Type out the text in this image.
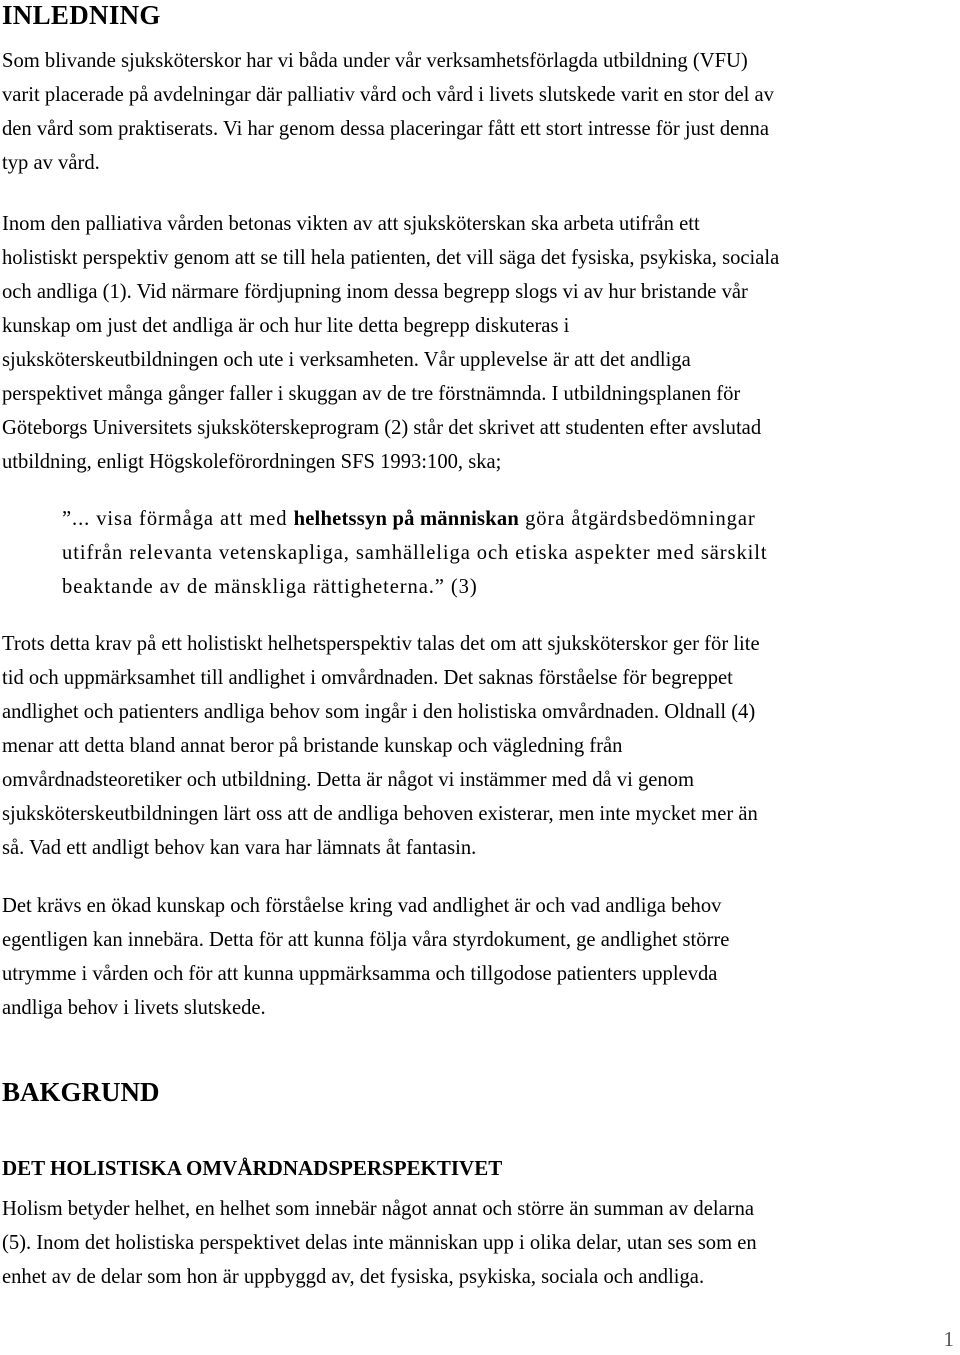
INLEDNING

Som blivande sjuksköterskor har vi båda under vår verksamhetsförlagda utbildning (VFU)
varit placerade på avdelningar där palliativ vård och vård i livets slutskede varit en stor del av
den vård som praktiserats. Vi har genom dessa placeringar fått ett stort intresse för just denna
typ av vård.

Inom den palliativa vården betonas vikten av att sjuksköterskan ska arbeta utifrån ett
holistiskt perspektiv genom att se till hela patienten, det vill säga det fysiska, psykiska, sociala
och andliga (1). Vid närmare fördjupning inom dessa begrepp slogs vi av hur bristande vår
kunskap om just det andliga är och hur lite detta begrepp diskuteras i
sjuksköterskeutbildningen och ute i verksamheten. Vår upplevelse är att det andliga
perspektivet många gånger faller i skuggan av de tre förstnämnda. I utbildningsplanen för
Göteborgs Universitets sjuksköterskeprogram (2) står det skrivet att studenten efter avslutad
utbildning, enligt Högskoleförordningen SFS 1993:100, ska;

”... visa förmåga att med helhetssyn på människan göra åtgärdsbedömningar
utifrån relevanta vetenskapliga, samhälleliga och etiska aspekter med särskilt
beaktande av de mänskliga rättigheterna.” (3)

Trots detta krav på ett holistiskt helhetsperspektiv talas det om att sjuksköterskor ger för lite
tid och uppmärksamhet till andlighet i omvårdnaden. Det saknas förståelse för begreppet
andlighet och patienters andliga behov som ingår i den holistiska omvårdnaden. Oldnall (4)
menar att detta bland annat beror på bristande kunskap och vägledning från
omvårdnadsteoretiker och utbildning. Detta är något vi instämmer med då vi genom
sjuksköterskeutbildningen lärt oss att de andliga behoven existerar, men inte mycket mer än
så. Vad ett andligt behov kan vara har lämnats åt fantasin.

Det krävs en ökad kunskap och förståelse kring vad andlighet är och vad andliga behov
egentligen kan innebära. Detta för att kunna följa våra styrdokument, ge andlighet större
utrymme i vården och för att kunna uppmärksamma och tillgodose patienters upplevda
andliga behov i livets slutskede.

BAKGRUND
DET HOLISTISKA OMVÅRDNADSPERSPEKTIVET

Holism betyder helhet, en helhet som innebär något annat och större än summan av delarna
(5). Inom det holistiska perspektivet delas inte människan upp i olika delar, utan ses som en
enhet av de delar som hon är uppbyggd av, det fysiska, psykiska, sociala och andliga.

1
